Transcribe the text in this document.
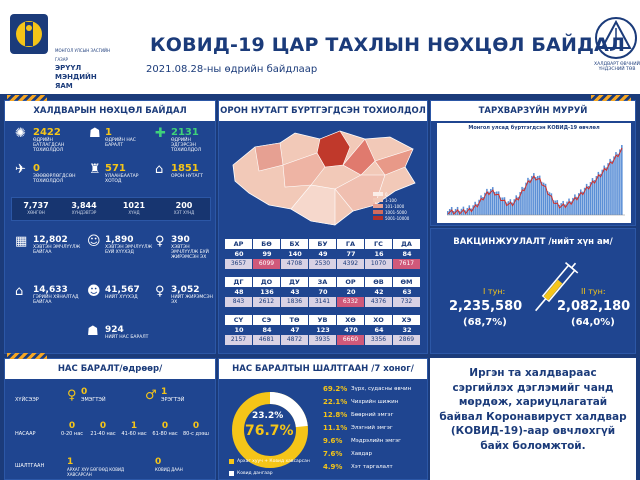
МОНГОЛ УЛСЫН ЗАСГИЙН ГАЗАР
ЭРҮҮЛ МЭНДИЙН ЯАМ
КОВИД-19 ЦАР ТАХЛЫН НӨХЦӨЛ БАЙДАЛ
2021.08.28-ны өдрийн байдлаар	ХАЛДВАРТ ӨВЧНИЙ ҮНДЭСНИЙ ТӨВ
ХАЛДВАРЫН НӨХЦӨЛ БАЙДАЛ
✺ 2422
ӨДРИЙН БАТЛАГДСАН ТОХИОЛДОЛ
☗ 1
ӨДРИЙН НАС БАРАЛТ
✚ 2131
ӨДРИЙН ЭДГЭРСЭН ТОХИОЛДОЛ
✈ 0
ЗӨӨВӨРЛӨГДСӨН ТОХИОЛДОЛ
♜ 571
УЛААНБААТАР ХОТОД
⌂ 1851
ОРОН НУТАГТ
7,737
ХӨНГӨН
3,844
ХҮНДЭВТЭР
1021
ХҮНД
200
ХЭТ ХҮНД
▦ 12,802
ХЭВТЭН ЭМЧЛҮҮЛЖ БАЙГАА
☺ 1,890
ХЭВТЭН ЭМЧЛҮҮЛЖ БУЙ ХҮҮХЭД
♀ 390
ХЭВТЭН ЭМЧЛҮҮЛЖ БУЙ ЖИРЭМСЭН ЭХ
⌂ 14,633
ГЭРИЙН ХЯНАЛТАД БАЙГАА
☻ 41,567
НИЙТ ХҮҮХЭД	♀ 3,052
НИЙТ ЖИРЭМСЭН ЭХ
☗ 924
НИЙТ НАС БАРАЛТ
ОРОН НУТАГТ БҮРТГЭГДСЭН ТОХИОЛДОЛ
0
1-100
101-1000
1001-5000
5001-10000
АР	БӨ	БХ	БУ	ГА	ГС	ДА
60	99	140	49	77	16	84
3657	6099	4708	2530	4392	1070	7617
ДГ	ДО	ДУ	ЗА	ОР	ӨВ	ӨМ
48	136	43	70	20	42	63
843	2612	1836	3141	6332	4376	732
СҮ	СЭ	ТӨ	УВ	ХӨ	ХО	ХЭ
10	84	47	123	470	64	32
2157	4681	4872	3935	6660	3356	2869
ТАРХВАРЗҮЙН МУРУЙ
Монгол улсад бүртгэгдсэн КОВИД-19 өвчлөл
ВАКЦИНЖУУЛАЛТ /нийт хүн ам/
I тун:
2,235,580
(68,7%)
II тун:
2,082,180
(64,0%)
НАС БАРАЛТ/өдрөөр/
ХҮЙСЭЭР ♀ 0
ЭМЭГТЭЙ	♂ 1
ЭРЭГТЭЙ
НАСААР
0
0-20 нас
0
21-40 нас
1
41-60 нас
0
61-80 нас
0
80-с дээш
ШАЛТГААН	1
АРХАГ ХУУ БӨГӨӨД КОВИД ХАВСАРСАН
0
КОВИД ДААН
НАС БАРАЛТЫН ШАЛТГААН /7 хоног/
23.2%
76.7%
Архаг хууч + Ковид хавсарсан
Ковид дангаар
69.2% Зүрх, судасны өвчин
22.1% Чихрийн шижин
12.8% Бөөрний эмгэг
11.1% Элэгний эмгэг
9.6%	Мэдрэлийн эмгэг
7.6%	Хавдар
4.9%	Хэт таргалалт
Иргэн та халдвараас сэргийлэх дэглэмийг чанд мөрдөж, хариуцлагатай байвал Коронавируст халдвар (КОВИД-19)-аар өвчлөхгүй байх боломжтой.
